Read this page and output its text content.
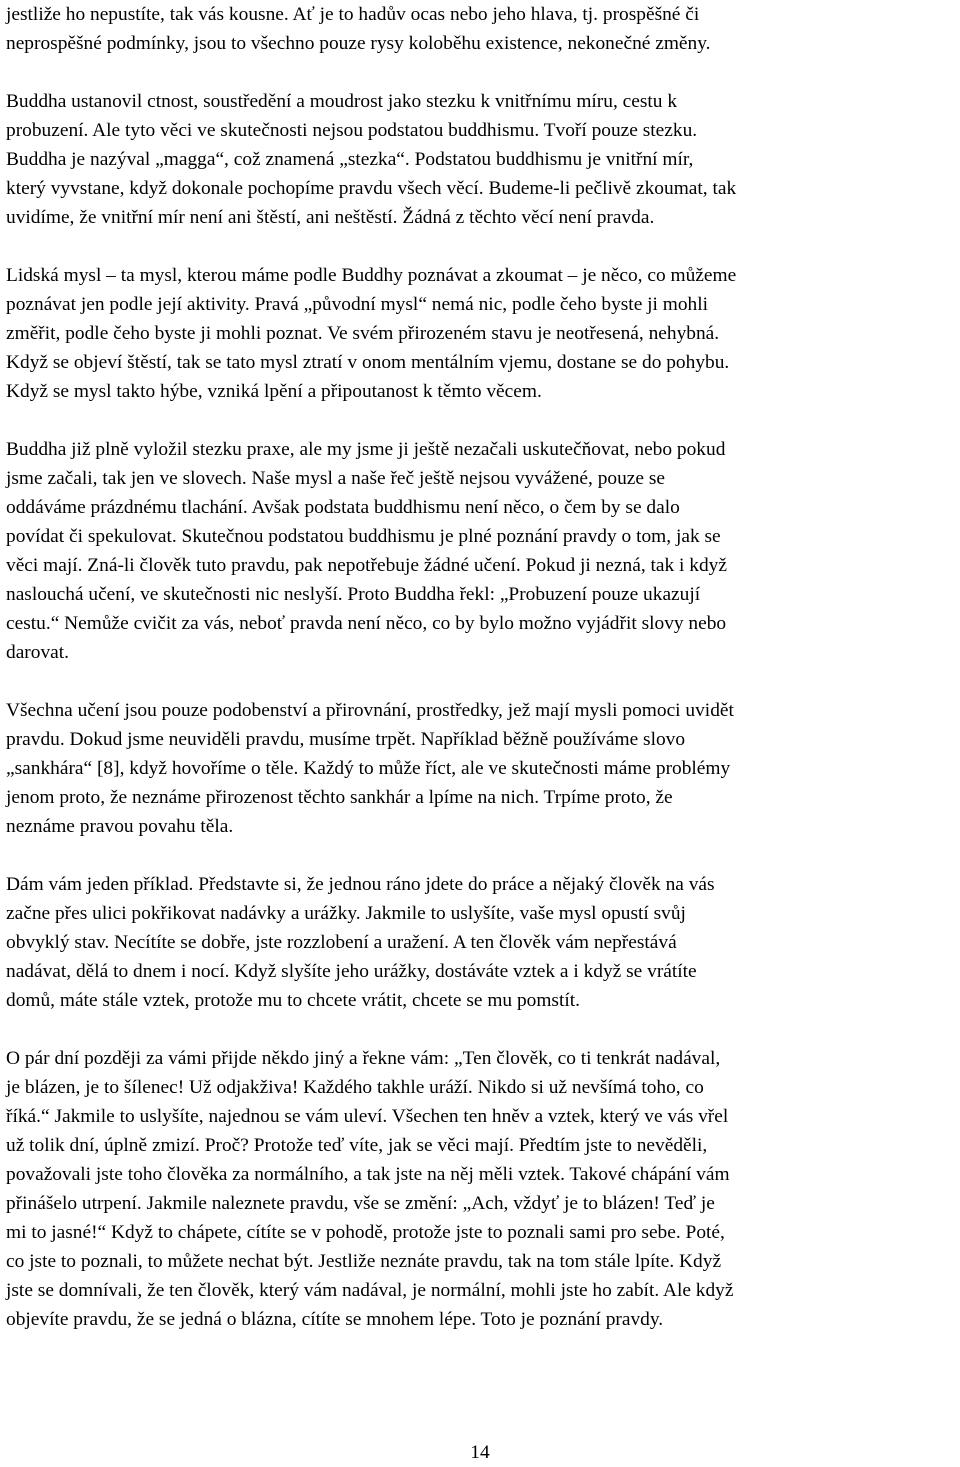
jestliže ho nepustíte, tak vás kousne. Ať je to hadův ocas nebo jeho hlava, tj. prospěšné či
neprospěšné podmínky, jsou to všechno pouze rysy koloběhu existence, nekonečné změny.
Buddha ustanovil ctnost, soustředění a moudrost jako stezku k vnitřnímu míru, cestu k
probuzení. Ale tyto věci ve skutečnosti nejsou podstatou buddhismu. Tvoří pouze stezku.
Buddha je nazýval „magga“, což znamená „stezka“. Podstatou buddhismu je vnitřní mír,
který vyvstane, když dokonale pochopíme pravdu všech věcí. Budeme-li pečlivě zkoumat, tak
uvidíme, že vnitřní mír není ani štěstí, ani neštěstí. Žádná z těchto věcí není pravda.
Lidská mysl – ta mysl, kterou máme podle Buddhy poznávat a zkoumat – je něco, co můžeme
poznávat jen podle její aktivity. Pravá „původní mysl“ nemá nic, podle čeho byste ji mohli
změřit, podle čeho byste ji mohli poznat. Ve svém přirozeném stavu je neotřesená, nehybná.
Když se objeví štěstí, tak se tato mysl ztratí v onom mentálním vjemu, dostane se do pohybu.
Když se mysl takto hýbe, vzniká lpění a připoutanost k těmto věcem.
Buddha již plně vyložil stezku praxe, ale my jsme ji ještě nezačali uskutečňovat, nebo pokud
jsme začali, tak jen ve slovech. Naše mysl a naše řeč ještě nejsou vyvážené, pouze se
oddáváme prázdnému tlachání. Avšak podstata buddhismu není něco, o čem by se dalo
povídat či spekulovat. Skutečnou podstatou buddhismu je plné poznání pravdy o tom, jak se
věci mají. Zná-li člověk tuto pravdu, pak nepotřebuje žádné učení. Pokud ji nezná, tak i když
naslouchá učení, ve skutečnosti nic neslyší. Proto Buddha řekl: „Probuzení pouze ukazují
cestu.“ Nemůže cvičit za vás, neboť pravda není něco, co by bylo možno vyjádřit slovy nebo
darovat.
Všechna učení jsou pouze podobenství a přirovnání, prostředky, jež mají mysli pomoci uvidět
pravdu. Dokud jsme neuviděli pravdu, musíme trpět. Například běžně používáme slovo
„sankhára“ [8], když hovoříme o těle. Každý to může říct, ale ve skutečnosti máme problémy
jenom proto, že neznáme přirozenost těchto sankhár a lpíme na nich. Trpíme proto, že
neznáme pravou povahu těla.
Dám vám jeden příklad. Představte si, že jednou ráno jdete do práce a nějaký člověk na vás
začne přes ulici pokřikovat nadávky a urážky. Jakmile to uslyšíte, vaše mysl opustí svůj
obvyklý stav. Necítíte se dobře, jste rozzlobení a uražení. A ten člověk vám nepřestává
nadávat, dělá to dnem i nocí. Když slyšíte jeho urážky, dostáváte vztek a i když se vrátíte
domů, máte stále vztek, protože mu to chcete vrátit, chcete se mu pomstít.
O pár dní později za vámi přijde někdo jiný a řekne vám: „Ten člověk, co ti tenkrát nadával,
je blázen, je to šílenec! Už odjakživa! Každého takhle uráží. Nikdo si už nevšímá toho, co
říká.“ Jakmile to uslyšíte, najednou se vám uleví. Všechen ten hněv a vztek, který ve vás vřel
už tolik dní, úplně zmizí. Proč? Protože teď víte, jak se věci mají. Předtím jste to nevěděli,
považovali jste toho člověka za normálního, a tak jste na něj měli vztek. Takové chápání vám
přinášelo utrpení. Jakmile naleznete pravdu, vše se změní: „Ach, vždyť je to blázen! Teď je
mi to jasné!“ Když to chápete, cítíte se v pohodě, protože jste to poznali sami pro sebe. Poté,
co jste to poznali, to můžete nechat být. Jestliže neznáte pravdu, tak na tom stále lpíte. Když
jste se domnívali, že ten člověk, který vám nadával, je normální, mohli jste ho zabít. Ale když
objevíte pravdu, že se jedná o blázna, cítíte se mnohem lépe. Toto je poznání pravdy.
14
